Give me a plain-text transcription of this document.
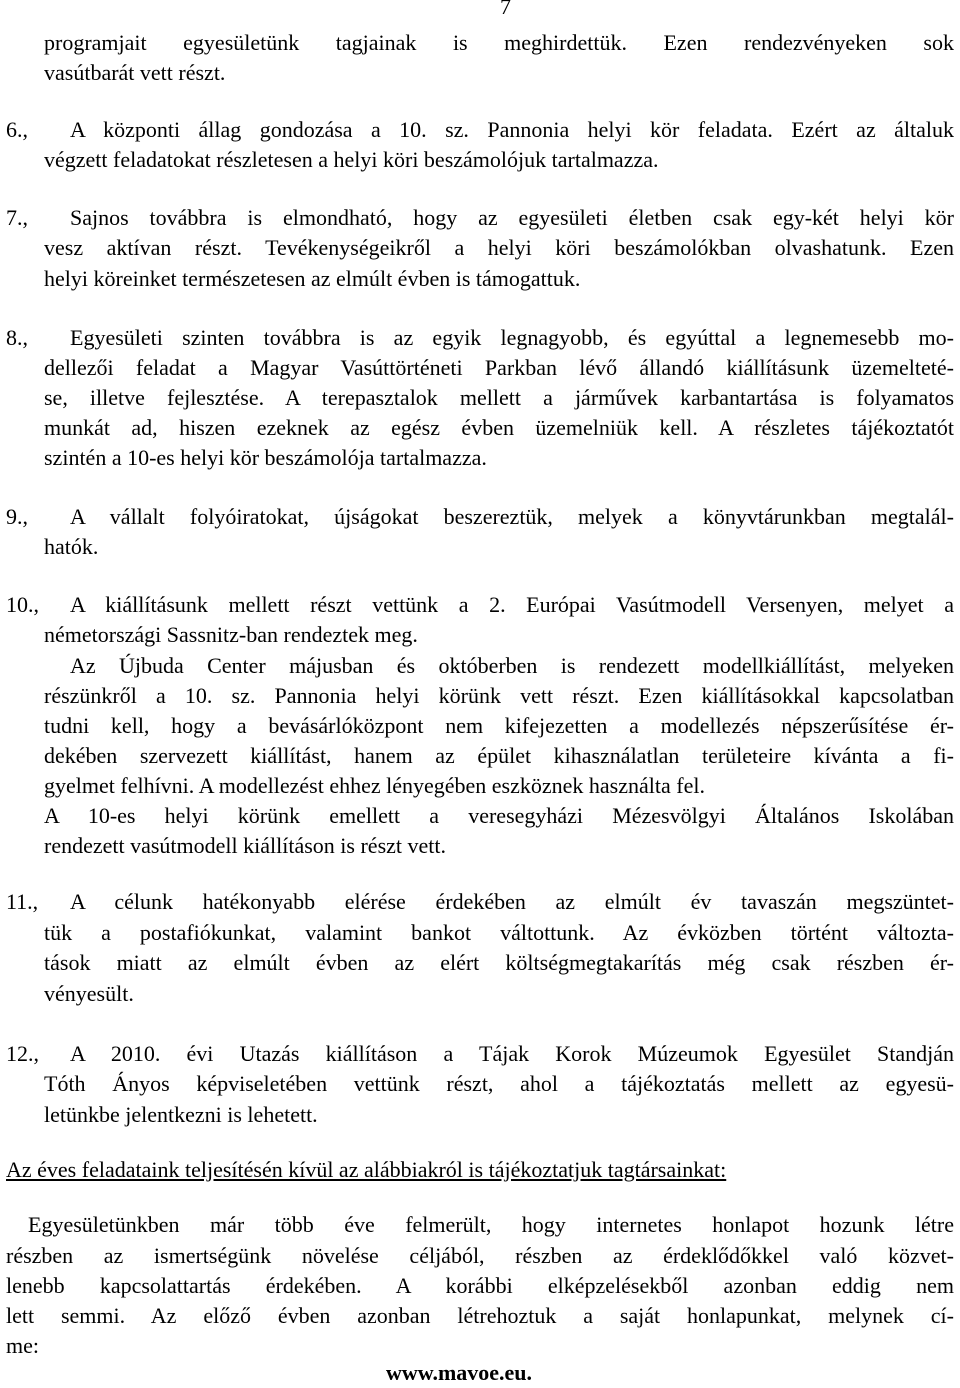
7
programjait egyesületünk tagjainak is meghirdettük. Ezen rendezvényeken sok
vasútbarát vett részt.
6., A központi állag gondozása a 10. sz. Pannonia helyi kör feladata. Ezért az általuk
végzett feladatokat részletesen a helyi köri beszámolójuk tartalmazza.
7., Sajnos továbbra is elmondható, hogy az egyesületi életben csak egy-két helyi kör
vesz aktívan részt. Tevékenységeikről a helyi köri beszámolókban olvashatunk. Ezen
helyi köreinket természetesen az elmúlt évben is támogattuk.
8., Egyesületi szinten továbbra is az egyik legnagyobb, és egyúttal a legnemesebb mo-
dellezői feladat a Magyar Vasúttörténeti Parkban lévő állandó kiállításunk üzemelteté-
se, illetve fejlesztése. A terepasztalok mellett a járművek karbantartása is folyamatos
munkát ad, hiszen ezeknek az egész évben üzemelniük kell. A részletes tájékoztatót
szintén a 10-es helyi kör beszámolója tartalmazza.
9., A vállalt folyóiratokat, újságokat beszereztük, melyek a könyvtárunkban megtalál-
hatók.
10., A kiállításunk mellett részt vettünk a 2. Európai Vasútmodell Versenyen, melyet a
németországi Sassnitz-ban rendeztek meg.
Az Újbuda Center májusban és októberben is rendezett modellkiállítást, melyeken
részünkről a 10. sz. Pannonia helyi körünk vett részt. Ezen kiállításokkal kapcsolatban
tudni kell, hogy a bevásárlóközpont nem kifejezetten a modellezés népszerűsítése ér-
dekében szervezett kiállítást, hanem az épület kihasználatlan területeire kívánta a fi-
gyelmet felhívni. A modellezést ehhez lényegében eszköznek használta fel.
A 10-es helyi körünk emellett a veresegyházi Mézesvölgyi Általános Iskolában
rendezett vasútmodell kiállításon is részt vett.
11., A célunk hatékonyabb elérése érdekében az elmúlt év tavaszán megszüntet-
tük a postafiókunkat, valamint bankot váltottunk. Az évközben történt változta-
tások miatt az elmúlt évben az elért költségmegtakarítás még csak részben ér-
vényesült.
12., A 2010. évi Utazás kiállításon a Tájak Korok Múzeumok Egyesület Standján
Tóth Ányos képviseletében vettünk részt, ahol a tájékoztatás mellett az egyesü-
letünkbe jelentkezni is lehetett.
Az éves feladataink teljesítésén kívül az alábbiakról is tájékoztatjuk tagtársainkat:
Egyesületünkben már több éve felmerült, hogy internetes honlapot hozunk létre
részben az ismertségünk növelése céljából, részben az érdeklődőkkel való közvet-
lenebb kapcsolattartás érdekében. A korábbi elképzelésekből azonban eddig nem
lett semmi. Az előző évben azonban létrehoztuk a saját honlapunkat, melynek cí-
me:
www.mavoe.eu.
